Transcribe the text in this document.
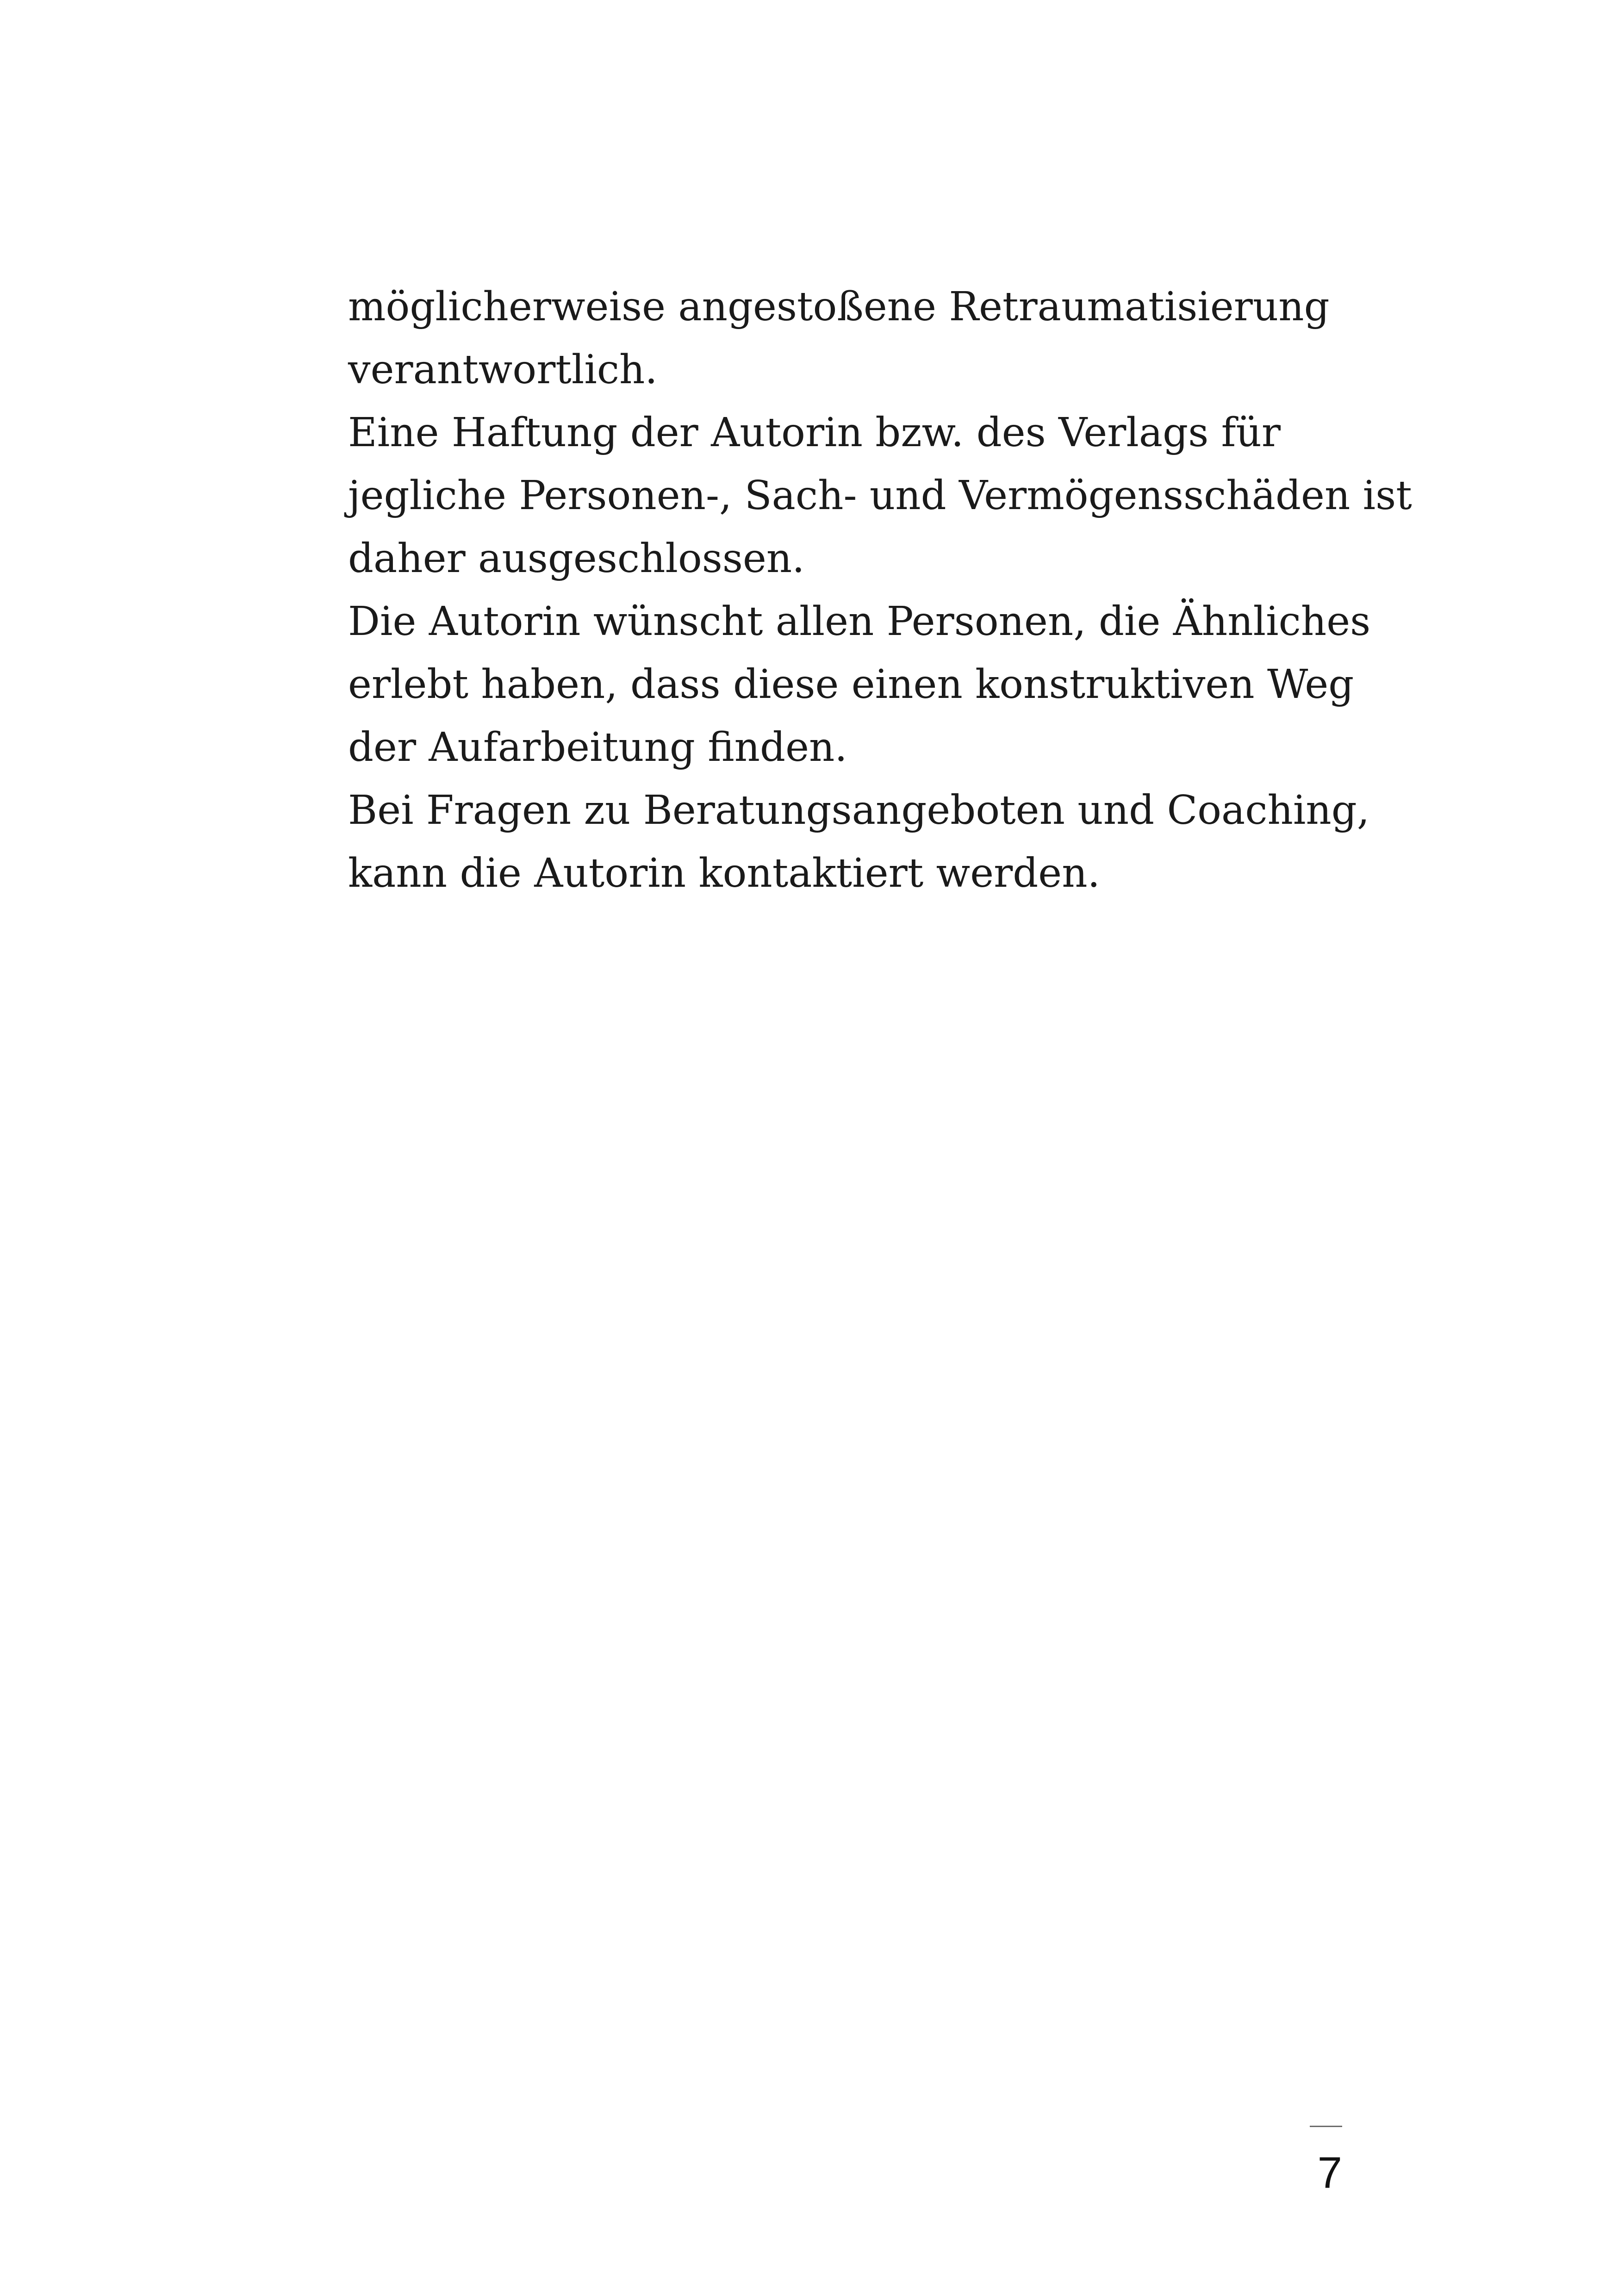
möglicherweise angestoßene Retraumatisierung
verantwortlich.
Eine Haftung der Autorin bzw. des Verlags für
jegliche Personen-, Sach- und Vermögensschäden ist
daher ausgeschlossen.
Die Autorin wünscht allen Personen, die Ähnliches
erlebt haben, dass diese einen konstruktiven Weg
der Aufarbeitung finden.
Bei Fragen zu Beratungsangeboten und Coaching,
kann die Autorin kontaktiert werden.
7
